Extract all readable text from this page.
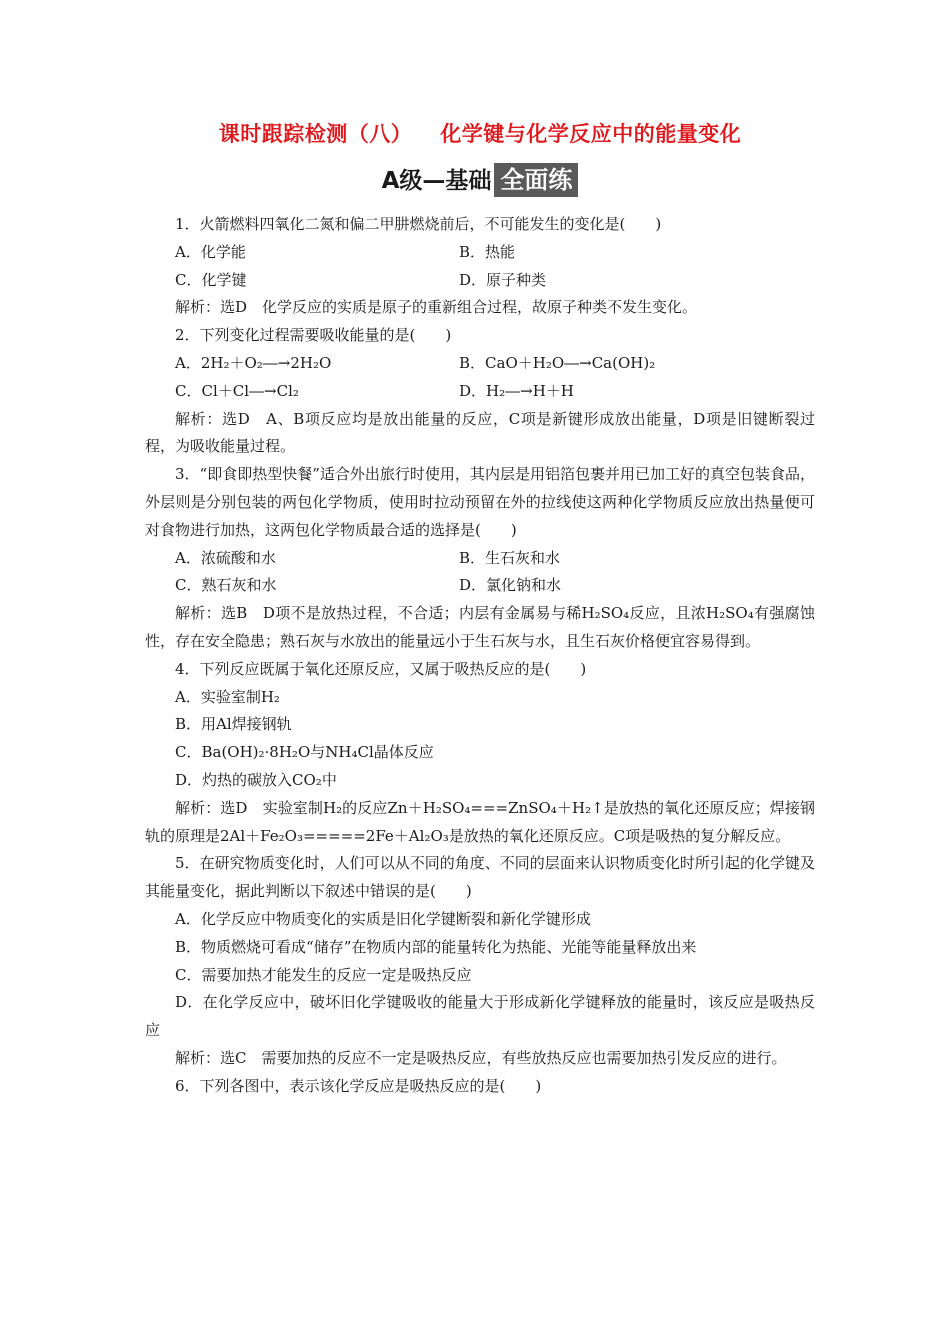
课时跟踪检测（八） 化学键与化学反应中的能量变化
A级—基础 全面练

1．火箭燃料四氧化二氮和偏二甲肼燃烧前后，不可能发生的变化是(　　)

A．化学能	B．热能
C．化学键	D．原子种类

解析：选D　化学反应的实质是原子的重新组合过程，故原子种类不发生变化。

2．下列变化过程需要吸收能量的是(　　)

A．2H₂＋O₂―→2H₂O	B．CaO＋H₂O―→Ca(OH)₂
C．Cl＋Cl―→Cl₂	D．H₂―→H＋H

解析：选D　A、B项反应均是放出能量的反应，C项是新键形成放出能量，D项是旧键断裂过程，为吸收能量过程。

3．“即食即热型快餐”适合外出旅行时使用，其内层是用铝箔包裹并用已加工好的真空包装食品，外层则是分别包装的两包化学物质，使用时拉动预留在外的拉线使这两种化学物质反应放出热量便可对食物进行加热，这两包化学物质最合适的选择是(　　)

A．浓硫酸和水	B．生石灰和水
C．熟石灰和水	D．氯化钠和水

解析：选B　D项不是放热过程，不合适；内层有金属易与稀H₂SO₄反应，且浓H₂SO₄有强腐蚀性，存在安全隐患；熟石灰与水放出的能量远小于生石灰与水，且生石灰价格便宜容易得到。

4．下列反应既属于氧化还原反应，又属于吸热反应的是(　　)

A．实验室制H₂

B．用Al焊接钢轨

C．Ba(OH)₂·8H₂O与NH₄Cl晶体反应

D．灼热的碳放入CO₂中

解析：选D　实验室制H₂的反应Zn＋H₂SO₄===ZnSO₄＋H₂↑是放热的氧化还原反应；焊接钢轨的原理是2Al＋Fe₂O₃=====2Fe＋Al₂O₃是放热的氧化还原反应。C项是吸热的复分解反应。

5．在研究物质变化时，人们可以从不同的角度、不同的层面来认识物质变化时所引起的化学键及其能量变化，据此判断以下叙述中错误的是(　　)

A．化学反应中物质变化的实质是旧化学键断裂和新化学键形成

B．物质燃烧可看成“储存”在物质内部的能量转化为热能、光能等能量释放出来

C．需要加热才能发生的反应一定是吸热反应

D．在化学反应中，破坏旧化学键吸收的能量大于形成新化学键释放的能量时，该反应是吸热反应

解析：选C　需要加热的反应不一定是吸热反应，有些放热反应也需要加热引发反应的进行。

6．下列各图中，表示该化学反应是吸热反应的是(　　)
